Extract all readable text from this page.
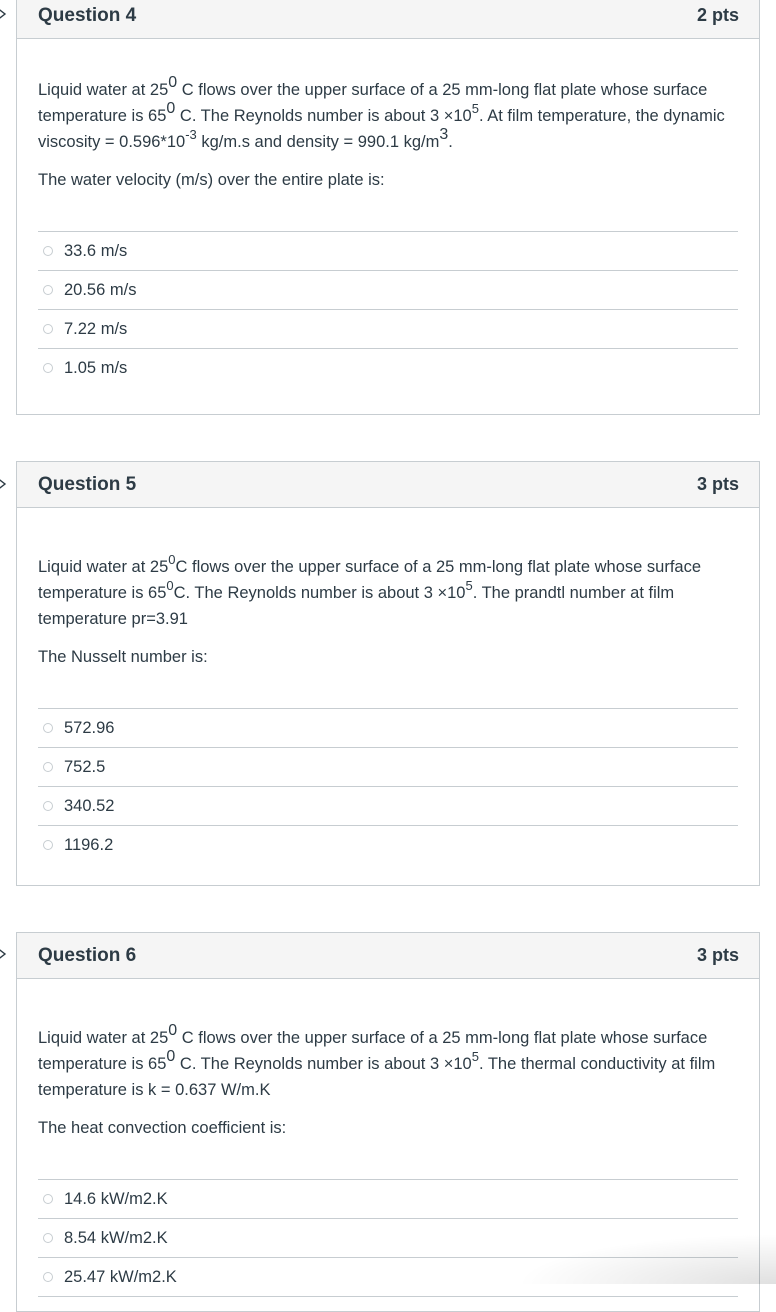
Question 4	2 pts

Liquid water at $25^0$ C flows over the upper surface of a 25 mm-long flat plate whose surface temperature is $65^0$ C. The Reynolds number is about $3 \times 10^5$. At film temperature, the dynamic viscosity = $0.596*10^{-3}$ kg/m.s and density = 990.1 $kg/m^3$.

The water velocity (m/s) over the entire plate is:

33.6 m/s
20.56 m/s
7.22 m/s
1.05 m/s
Question 5	3 pts

Liquid water at $25^0C$ flows over the upper surface of a 25 mm-long flat plate whose surface temperature is $65^0C$. The Reynolds number is about $3 \times 10^5$. The prandtl number at film temperature pr=3.91

The Nusselt number is:

572.96
752.5
340.52
1196.2
Question 6	3 pts

Liquid water at $25^0$ C flows over the upper surface of a 25 mm-long flat plate whose surface temperature is $65^0$ C. The Reynolds number is about $3 \times 10^5$. The thermal conductivity at film temperature is k = 0.637 W/m.K

The heat convection coefficient is:

14.6 kW/m2.K
8.54 kW/m2.K
25.47 kW/m2.K
